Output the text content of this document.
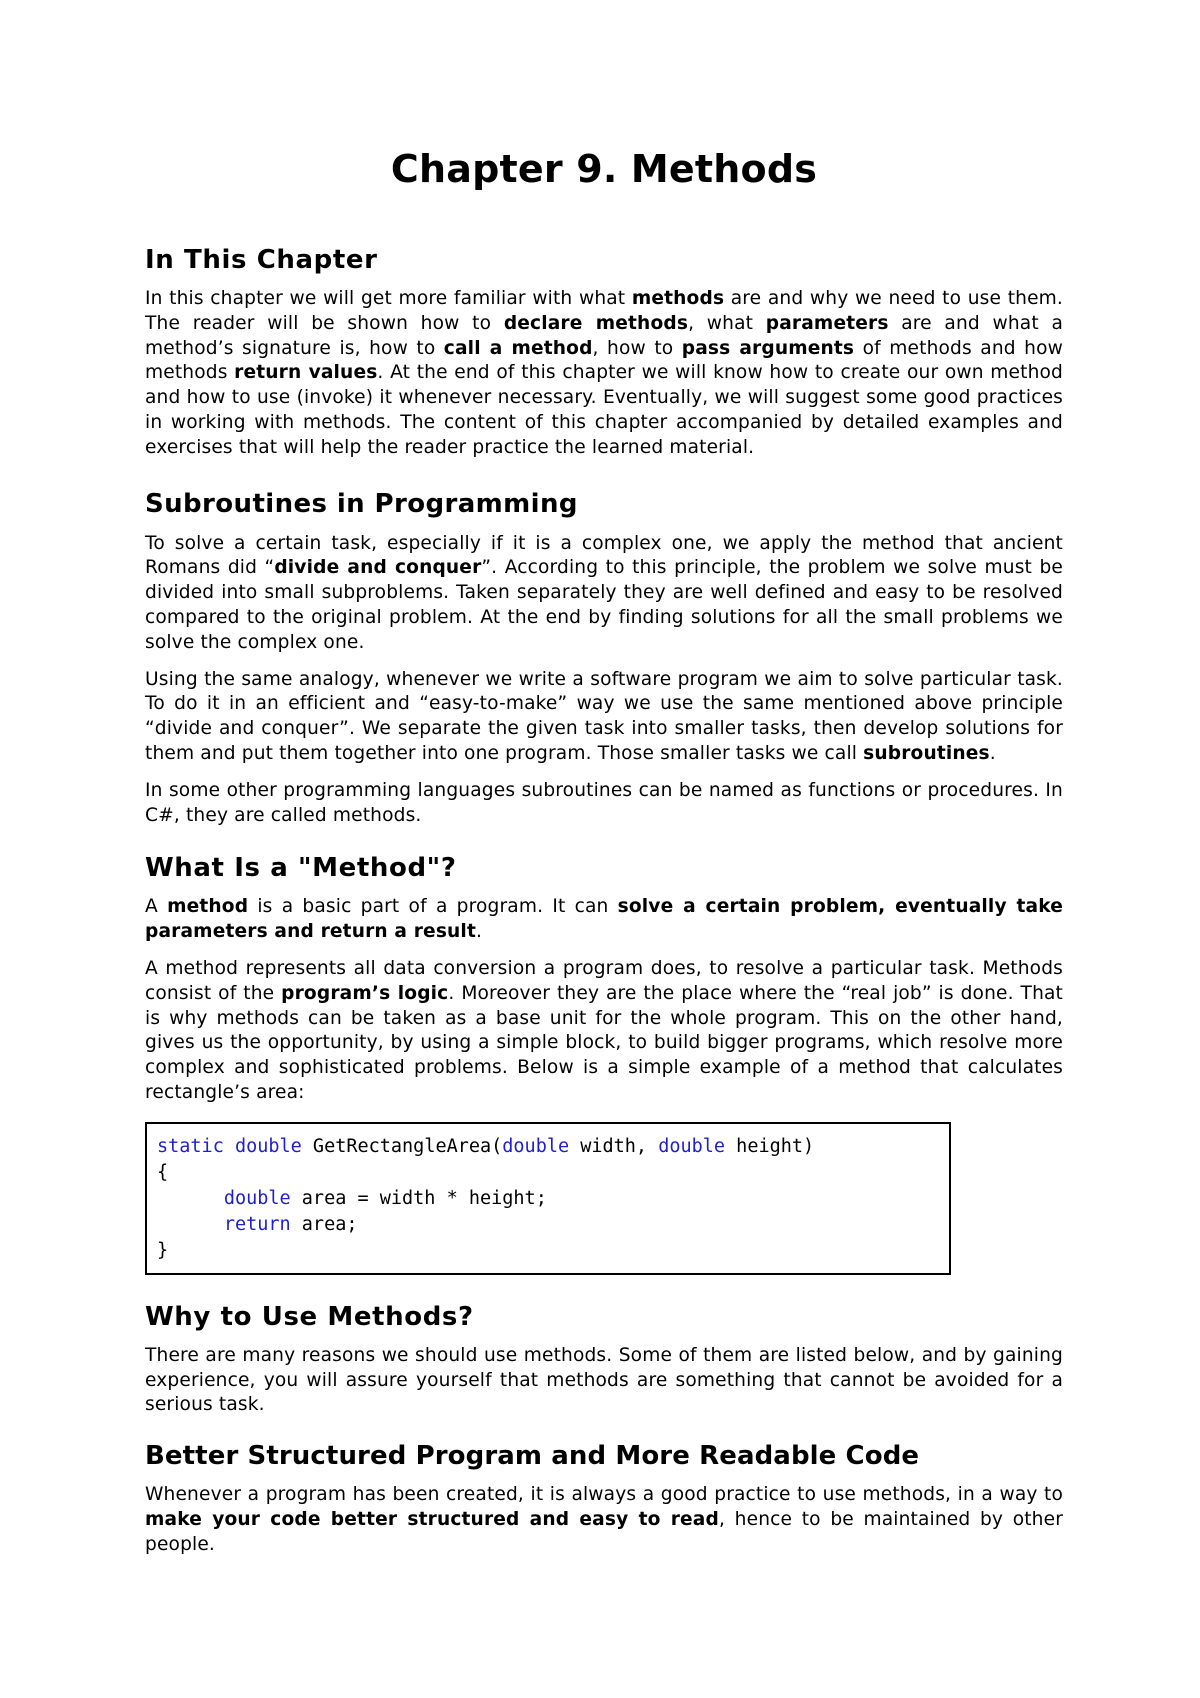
Chapter 9. Methods
In This Chapter

In this chapter we will get more familiar with what methods are and why we need to use them. The reader will be shown how to declare methods, what parameters are and what a method’s signature is, how to call a method, how to pass arguments of methods and how methods return values. At the end of this chapter we will know how to create our own method and how to use (invoke) it whenever necessary. Eventually, we will suggest some good practices in working with methods. The content of this chapter accompanied by detailed examples and exercises that will help the reader practice the learned material.

Subroutines in Programming

To solve a certain task, especially if it is a complex one, we apply the method that ancient Romans did “divide and conquer”. According to this principle, the problem we solve must be divided into small subproblems. Taken separately they are well defined and easy to be resolved compared to the original problem. At the end by finding solutions for all the small problems we solve the complex one.

Using the same analogy, whenever we write a software program we aim to solve particular task. To do it in an efficient and “easy-to-make” way we use the same mentioned above principle “divide and conquer”. We separate the given task into smaller tasks, then develop solutions for them and put them together into one program. Those smaller tasks we call subroutines.

In some other programming languages subroutines can be named as functions or procedures. In C#, they are called methods.

What Is a "Method"?

A method is a basic part of a program. It can solve a certain problem, eventually take parameters and return a result.

A method represents all data conversion a program does, to resolve a particular task. Methods consist of the program’s logic. Moreover they are the place where the “real job” is done. That is why methods can be taken as a base unit for the whole program. This on the other hand, gives us the opportunity, by using a simple block, to build bigger programs, which resolve more complex and sophisticated problems. Below is a simple example of a method that calculates rectangle’s area:

static double GetRectangleArea(double width, double height)
{
double area = width * height;
return area;
}
Why to Use Methods?

There are many reasons we should use methods. Some of them are listed below, and by gaining experience, you will assure yourself that methods are something that cannot be avoided for a serious task.

Better Structured Program and More Readable Code

Whenever a program has been created, it is always a good practice to use methods, in a way to make your code better structured and easy to read, hence to be maintained by other people.
